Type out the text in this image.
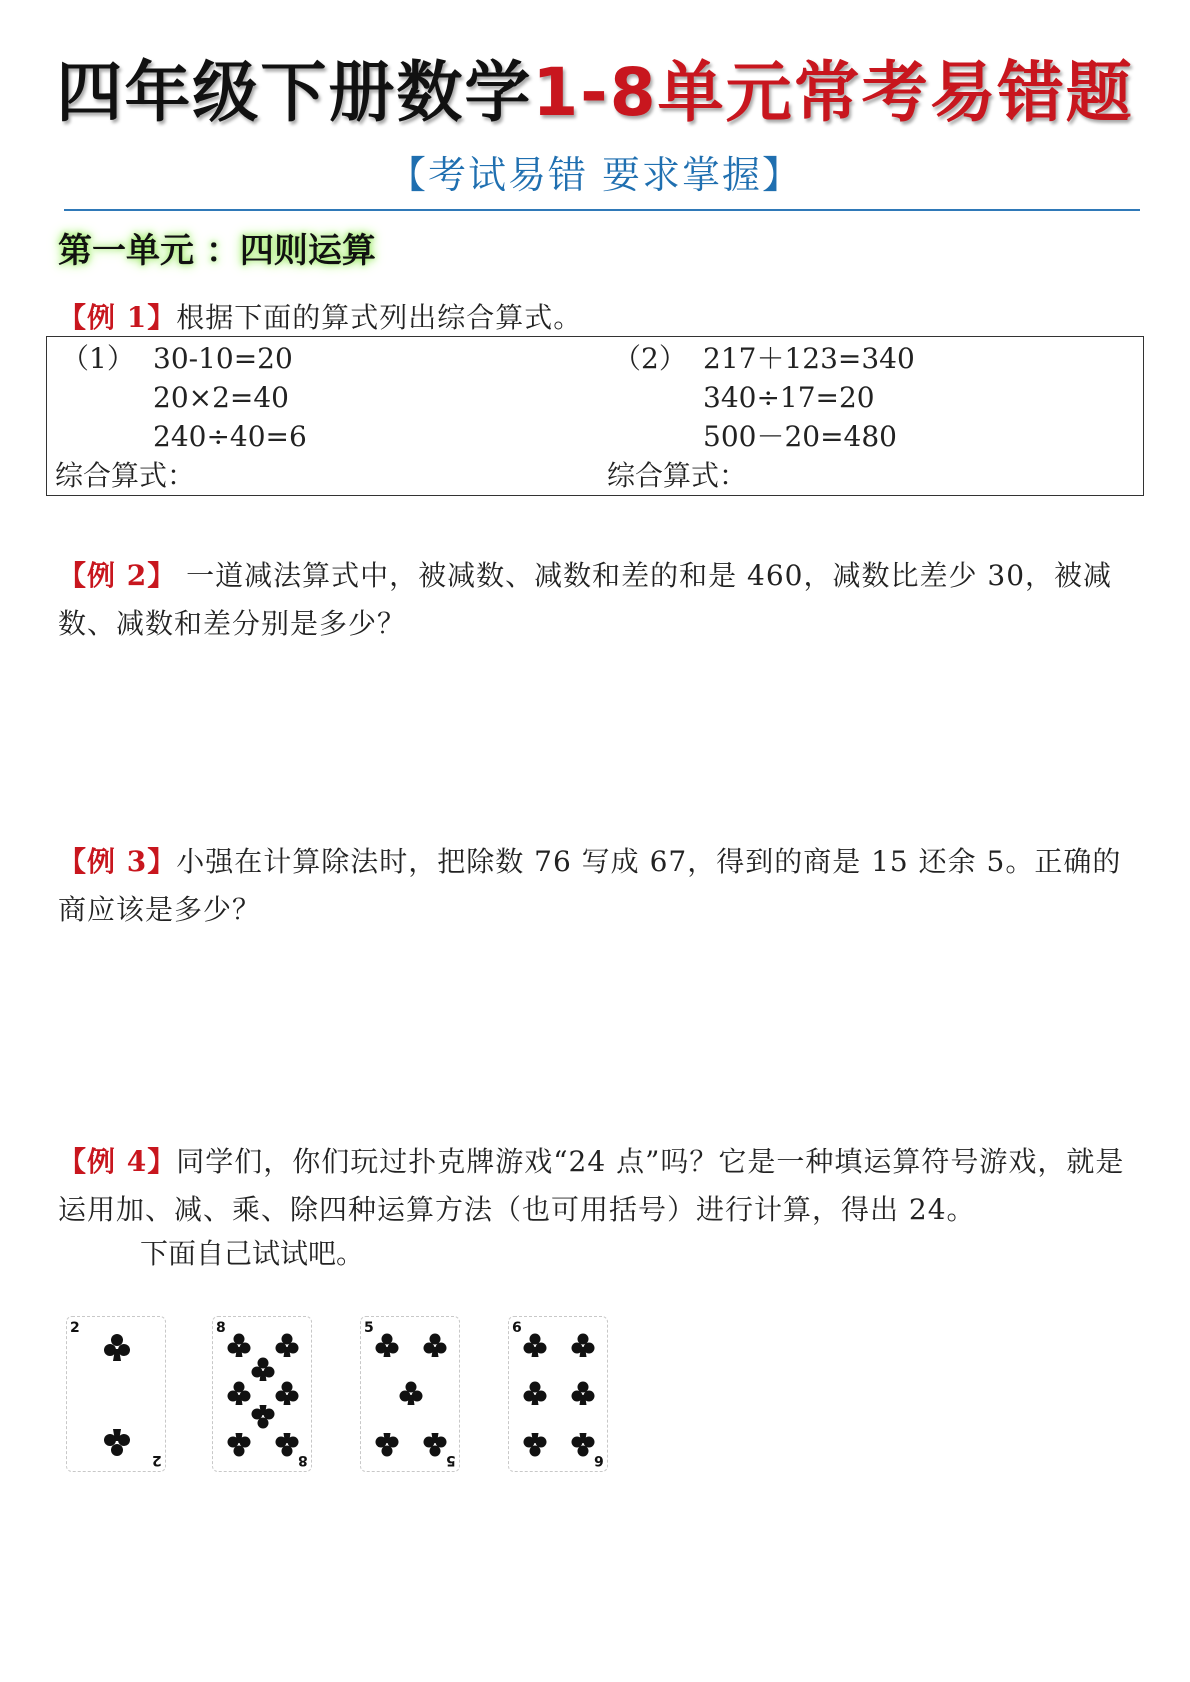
四年级下册数学1-8单元常考易错题
【考试易错 要求掌握】
第一单元 ：四则运算
【例 1】根据下面的算式列出综合算式。
（1） 30-10=20
20×2=40
240÷40=6
综合算式：
（2） 217＋123=340
340÷17=20
500－20=480
综合算式：
【例 2】 一道减法算式中，被减数、减数和差的和是 460，减数比差少 30，被减数、减数和差分别是多少？
【例 3】小强在计算除法时，把除数 76 写成 67，得到的商是 15 还余 5。正确的商应该是多少？
【例 4】同学们，你们玩过扑克牌游戏“24 点”吗？它是一种填运算符号游戏，就是运用加、减、乘、除四种运算方法（也可用括号）进行计算，得出 24。
下面自己试试吧。
2
2
8
8
5
5
6
6
